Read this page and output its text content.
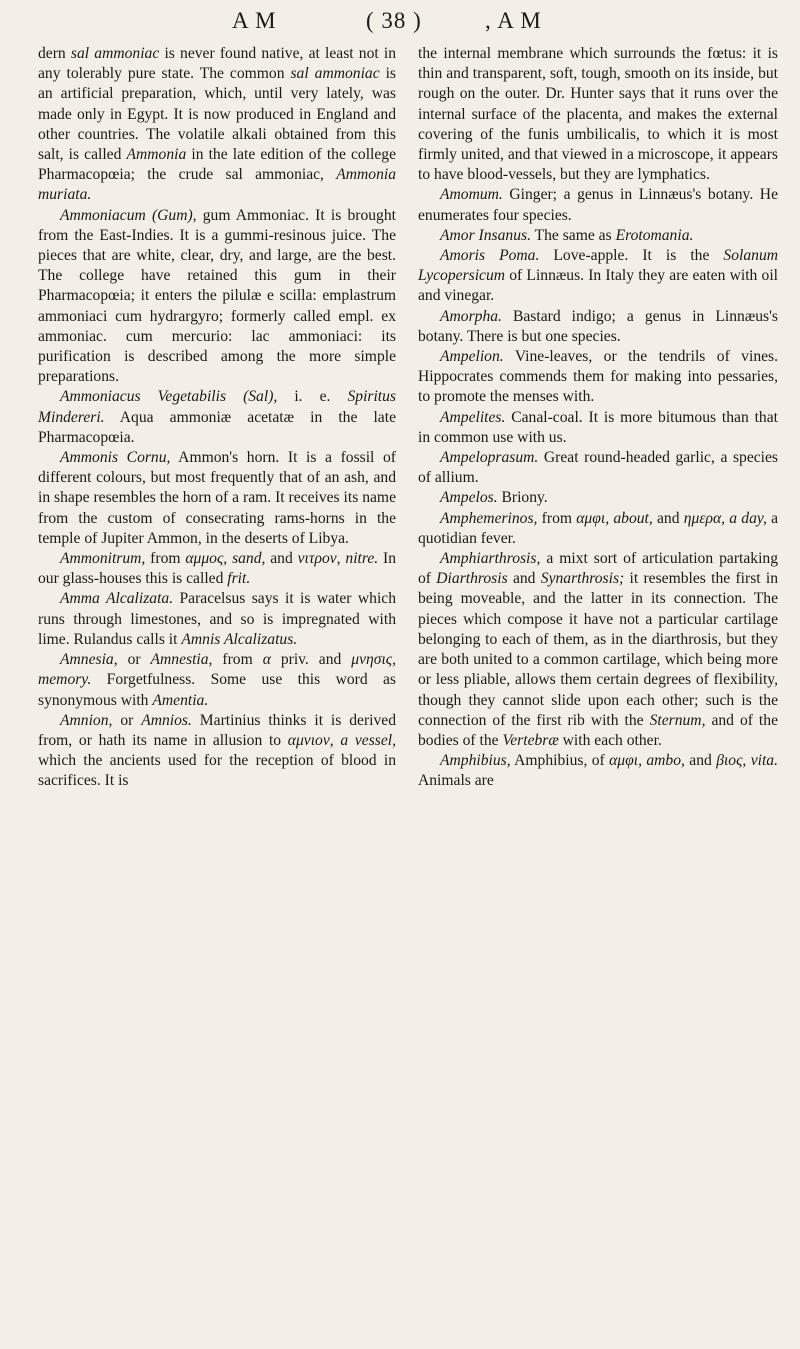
A M	( 38 )	, A M

dern sal ammoniac is never found native, at least not in any tolerably pure state. The common sal ammoniac is an artificial preparation, which, until very lately, was made only in Egypt. It is now produced in England and other countries. The volatile alkali obtained from this salt, is called Ammonia in the late edition of the college Pharmacopœia; the crude sal ammoniac, Ammonia muriata.

Ammoniacum (Gum), gum Ammoniac. It is brought from the East-Indies. It is a gummi-resinous juice. The pieces that are white, clear, dry, and large, are the best. The college have retained this gum in their Pharmacopœia; it enters the pilulæ e scilla: emplastrum ammoniaci cum hydrargyro; formerly called empl. ex ammoniac. cum mercurio: lac ammoniaci: its purification is described among the more simple preparations.

Ammoniacus Vegetabilis (Sal), i. e. Spiritus Mindereri. Aqua ammoniæ acetatæ in the late Pharmacopœia.

Ammonis Cornu, Ammon's horn. It is a fossil of different colours, but most frequently that of an ash, and in shape resembles the horn of a ram. It receives its name from the custom of consecrating rams-horns in the temple of Jupiter Ammon, in the deserts of Libya.

Ammonitrum, from αμμος, sand, and νιτρον, nitre. In our glass-houses this is called frit.

Amma Alcalizata. Paracelsus says it is water which runs through limestones, and so is impregnated with lime. Rulandus calls it Amnis Alcalizatus.

Amnesia, or Amnestia, from α priv. and μνησις, memory. Forgetfulness. Some use this word as synonymous with Amentia.

Amnion, or Amnios. Martinius thinks it is derived from, or hath its name in allusion to αμνιον, a vessel, which the ancients used for the reception of blood in sacrifices. It is

the internal membrane which surrounds the fœtus: it is thin and transparent, soft, tough, smooth on its inside, but rough on the outer. Dr. Hunter says that it runs over the internal surface of the placenta, and makes the external covering of the funis umbilicalis, to which it is most firmly united, and that viewed in a microscope, it appears to have blood-vessels, but they are lymphatics.

Amomum. Ginger; a genus in Linnæus's botany. He enumerates four species.

Amor Insanus. The same as Erotomania.

Amoris Poma. Love-apple. It is the Solanum Lycopersicum of Linnæus. In Italy they are eaten with oil and vinegar.

Amorpha. Bastard indigo; a genus in Linnæus's botany. There is but one species.

Ampelion. Vine-leaves, or the tendrils of vines. Hippocrates commends them for making into pessaries, to promote the menses with.

Ampelites. Canal-coal. It is more bitumous than that in common use with us.

Ampeloprasum. Great round-headed garlic, a species of allium.

Ampelos. Briony.

Amphemerinos, from αμφι, about, and ημερα, a day, a quotidian fever.

Amphiarthrosis, a mixt sort of articulation partaking of Diarthrosis and Synarthrosis; it resembles the first in being moveable, and the latter in its connection. The pieces which compose it have not a particular cartilage belonging to each of them, as in the diarthrosis, but they are both united to a common cartilage, which being more or less pliable, allows them certain degrees of flexibility, though they cannot slide upon each other; such is the connection of the first rib with the Sternum, and of the bodies of the Vertebræ with each other.

Amphibius, Amphibius, of αμφι, ambo, and βιος, vita. Animals are
